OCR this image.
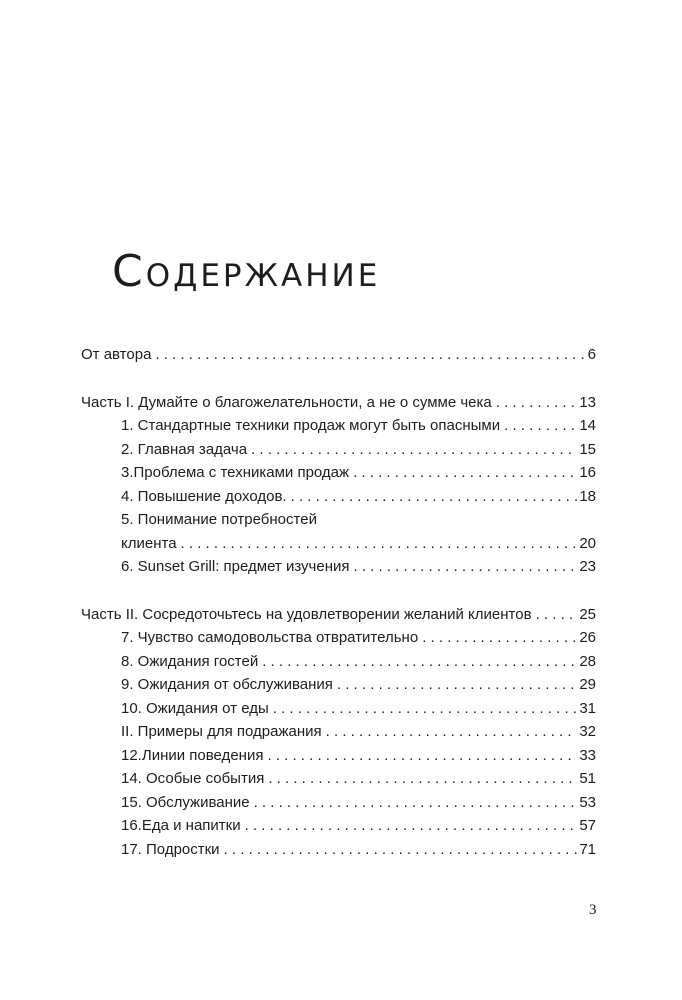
Содержание
От автора . . .	6
Часть I. Думайте о благожелательности, а не о сумме чека . . .	13
1. Стандартные техники продаж могут быть опасными . . .	14
2. Главная задача . . .	15
3.Проблема с техниками продаж . . .	16
4. Повышение доходов. . . .	18
5. Понимание потребностей
клиента . . .	20
6. Sunset Grill: предмет изучения . . .	23
Часть II. Сосредоточьтесь на удовлетворении желаний клиентов . . .	25
7. Чувство самодовольства отвратительно . . .	26
8. Ожидания гостей . . .	28
9. Ожидания от обслуживания . . .	29
10. Ожидания от еды . . .	31
II. Примеры для подражания . . .	32
12.Линии поведения . . .	33
14. Особые события . . .	51
15. Обслуживание . . .	53
16.Еда и напитки . . .	57
17. Подростки . . .	71
3
